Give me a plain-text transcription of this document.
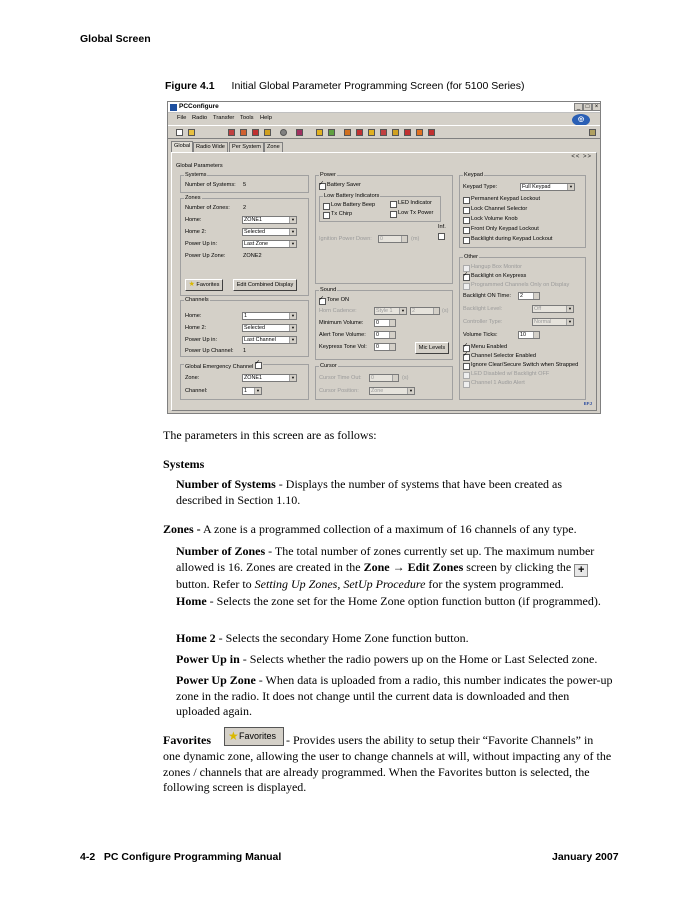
Global Screen
Figure 4.1 Initial Global Parameter Programming Screen (for 5100 Series)
PCConfigure	_ □ ×
File Radio Transfer Tools Help	◎
Global	Radio Wide	Per System	Zone
<< >>
Global Parameters
Systems
Number of Systems: 5
Zones
Number of Zones: 2
Home:	ZONE1	▼
Home 2:	Selected	▼
Power Up in:	Last Zone	▼
Power Up Zone:	ZONE2
★ Favorites	Edit Combined Display
Channels
Home:	1	▼
Home 2:	Selected	▼
Power Up in:	Last Channel	▼
Power Up Channel: 1
Global Emergency Channel ✓
Zone:	ZONE1	▼
Channel:	1	▼
Power
Battery Saver ✓
Low Battery Indicators
Low Battery Beep	LED Indicator
Tx Chirp	Low Tx Power
Inf.
Ignition Power Down: 0	(m)
Sound
Tone ON ✓
Horn Cadence:	Style 1	▼ 2	(s)
Minimum Volume: 0
Alert Tone Volume: 0
Keypress Tone Vol: 0	Mic Levels
Cursor
Cursor Time Out: 0	(s)
Cursor Position: Zone	▼
Keypad
Keypad Type:	Full Keypad	▼
Permanent Keypad Lockout
Lock Channel Selector
Lock Volume Knob
Front Only Keypad Lockout
Backlight during Keypad Lockout
Other
Hangup Box Monitor
Backlight on Keypress ✓
Programmed Channels Only on Display
Backlight ON Time: 2
Backlight Level:	Off	▼
Controller Type:	Normal	▼
Volume Ticks:	10
Menu Enabled ✓
Channel Selector Enabled ✓
Ignore Clear/Secure Switch when Strapped
LED Disabled w/ Backlight OFF
Channel 1 Audio Alert
EFJ
The parameters in this screen are as follows:
Systems
Number of Systems - Displays the number of systems that have been created as described in Section 1.10.
Zones - A zone is a programmed collection of a maximum of 16 channels of any type.
Number of Zones - The total number of zones currently set up. The maximum number allowed is 16. Zones are created in the Zone → Edit Zones screen by clicking the + button. Refer to Setting Up Zones, SetUp Procedure for the system programmed.
Home - Selects the zone set for the Home Zone option function button (if programmed).
Home 2 - Selects the secondary Home Zone function button.
Power Up in - Selects whether the radio powers up on the Home or Last Selected zone.
Power Up Zone - When data is uploaded from a radio, this number indicates the power-up zone in the radio. It does not change until the current data is downloaded and then uploaded again.
Favorites ★ Favorites - Provides users the ability to setup their “Favorite Channels” in
one dynamic zone, allowing the user to change channels at will, without impacting any of the zones / channels that are already programmed. When the Favorites button is selected, the following screen is displayed.
4-2   PC Configure Programming Manual	January 2007
